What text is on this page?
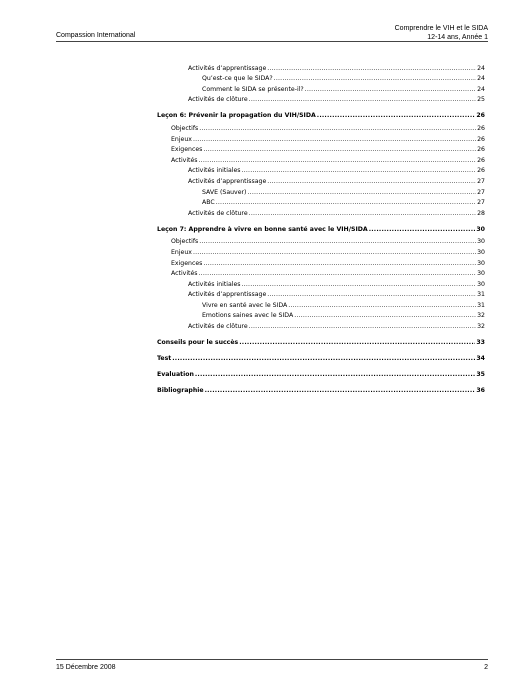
Compassion International
Comprendre le VIH et le SIDA
12-14 ans, Année 1
Activités d’apprentissage .....	24
Qu’est-ce que le SIDA? .....	24
Comment le SIDA se présente-il? .....	24
Activités de clôture .....	25
Leçon 6: Prévenir la propagation du VIH/SIDA .....	26
Objectifs .....	26
Enjeux .....	26
Exigences .....	26
Activités .....	26
Activités initiales .....	26
Activités d’apprentissage .....	27
SAVE (Sauver) .....	27
ABC .....	27
Activités de clôture .....	28
Leçon 7: Apprendre à vivre en bonne santé avec le VIH/SIDA .....	30
Objectifs .....	30
Enjeux .....	30
Exigences .....	30
Activités .....	30
Activités initiales .....	30
Activités d’apprentissage .....	31
Vivre en santé avec le SIDA .....	31
Emotions saines avec le SIDA .....	32
Activités de clôture .....	32
Conseils pour le succès .....	33
Test .....	34
Evaluation .....	35
Bibliographie .....	36
15 Décembre 2008	2
